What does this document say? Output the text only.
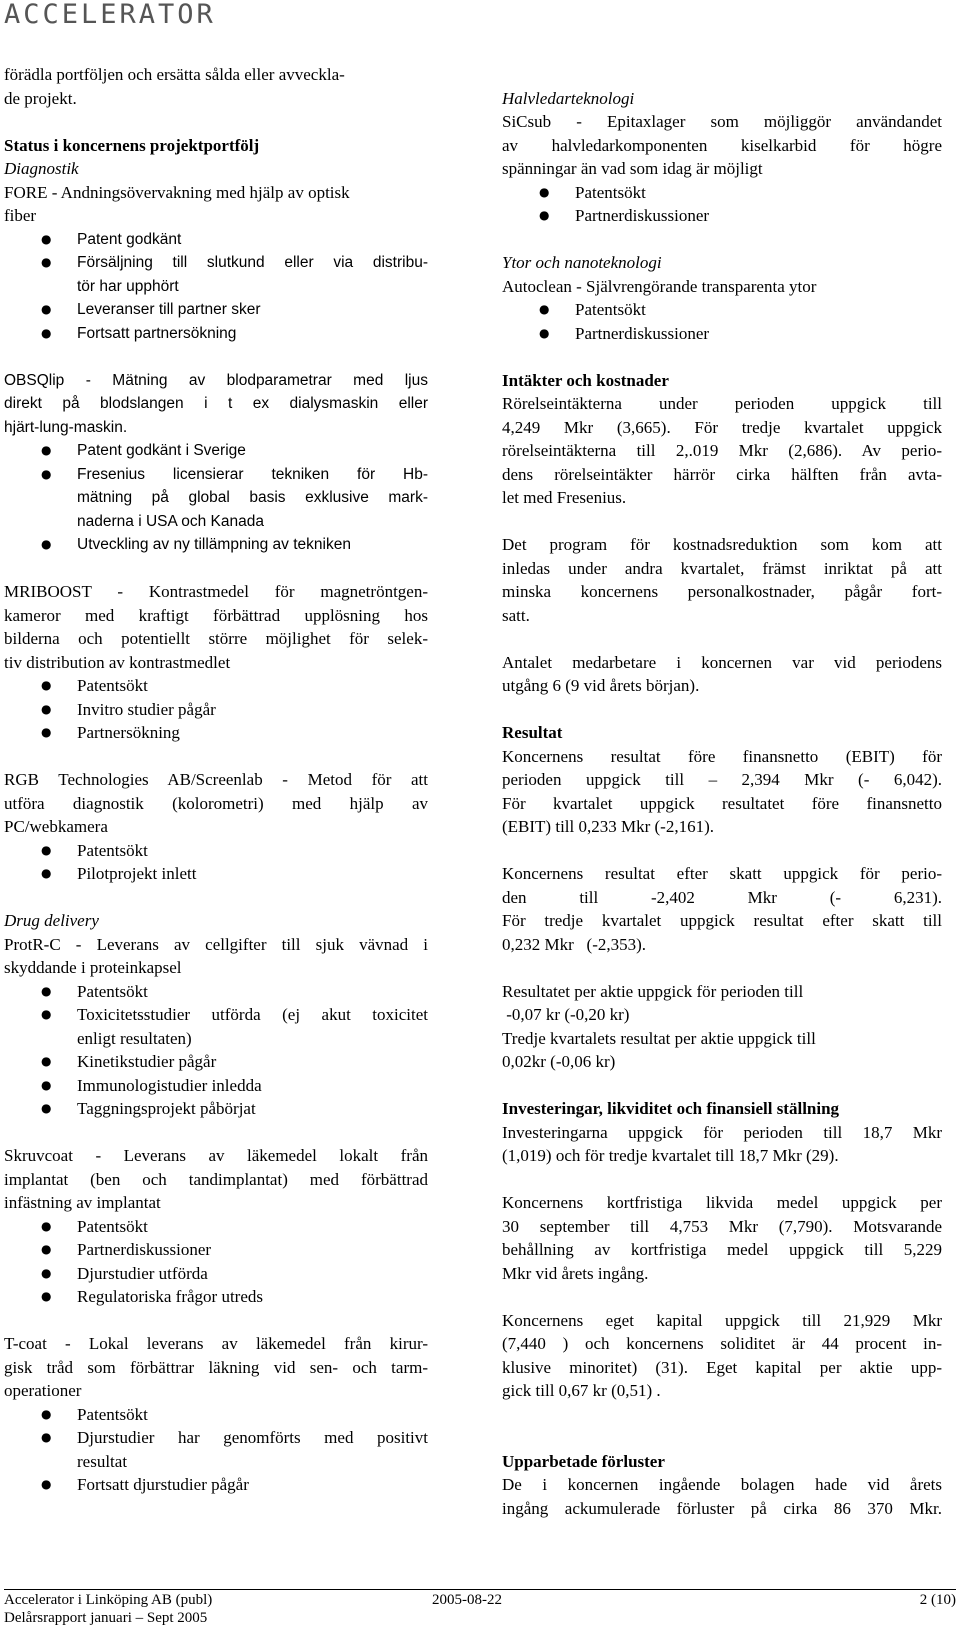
ACCELERATOR
förädla portföljen och ersätta sålda eller avveckla-
de projekt.

Status i koncernens projektportfölj

Diagnostik

FORE - Andningsövervakning med hjälp av optisk
fiber
● Patent godkänt
● Försäljning till slutkund eller via distribu-
tör har upphört
● Leveranser till partner sker
● Fortsatt partnersökning
OBSQlip - Mätning av blodparametrar med ljus
direkt på blodslangen i t ex dialysmaskin eller
hjärt-lung-maskin.
● Patent godkänt i Sverige
● Fresenius licensierar tekniken för Hb-
mätning på global basis exklusive mark-
naderna i USA och Kanada
● Utveckling av ny tillämpning av tekniken
MRIBOOST - Kontrastmedel för magnetröntgen-
kameror med kraftigt förbättrad upplösning hos
bilderna och potentiellt större möjlighet för selek-
tiv distribution av kontrastmedlet
● Patentsökt
● Invitro studier pågår
● Partnersökning
RGB Technologies AB/Screenlab - Metod för att
utföra diagnostik (kolorometri) med hjälp av
PC/webkamera
● Patentsökt
● Pilotprojekt inlett

Drug delivery

ProtR-C - Leverans av cellgifter till sjuk vävnad i
skyddande i proteinkapsel
● Patentsökt
● Toxicitetsstudier utförda (ej akut toxicitet
enligt resultaten)
● Kinetikstudier pågår
● Immunologistudier inledda
● Taggningsprojekt påbörjat
Skruvcoat - Leverans av läkemedel lokalt från
implantat (ben och tandimplantat) med förbättrad
infästning av implantat
● Patentsökt
● Partnerdiskussioner
● Djurstudier utförda
● Regulatoriska frågor utreds
T-coat - Lokal leverans av läkemedel från kirur-
gisk tråd som förbättrar läkning vid sen- och tarm-
operationer
● Patentsökt
● Djurstudier har genomförts med positivt
resultat
● Fortsatt djurstudier pågår

Halvledarteknologi

SiCsub - Epitaxlager som möjliggör användandet
av halvledarkomponenten kiselkarbid för högre
spänningar än vad som idag är möjligt
● Patentsökt
● Partnerdiskussioner

Ytor och nanoteknologi

Autoclean - Självrengörande transparenta ytor
● Patentsökt
● Partnerdiskussioner

Intäkter och kostnader

Rörelseintäkterna under perioden uppgick till
4,249 Mkr (3,665). För tredje kvartalet uppgick
rörelseintäkterna till 2,.019 Mkr (2,686). Av perio-
dens rörelseintäkter härrör cirka hälften från avta-
let med Fresenius.
Det program för kostnadsreduktion som kom att
inledas under andra kvartalet, främst inriktat på att
minska koncernens personalkostnader, pågår fort-
satt.
Antalet medarbetare i koncernen var vid periodens
utgång 6 (9 vid årets början).

Resultat

Koncernens resultat före finansnetto (EBIT) för
perioden uppgick till – 2,394 Mkr (- 6,042).
För kvartalet uppgick resultatet före finansnetto
(EBIT) till 0,233 Mkr (-2,161).
Koncernens resultat efter skatt uppgick för perio-
den till -2,402 Mkr (- 6,231).
För tredje kvartalet uppgick resultat efter skatt till
0,232 Mkr   (-2,353).
Resultatet per aktie uppgick för perioden till
-0,07 kr (-0,20 kr)
Tredje kvartalets resultat per aktie uppgick till
0,02kr (-0,06 kr)

Investeringar, likviditet och finansiell ställning

Investeringarna uppgick för perioden till 18,7 Mkr
(1,019) och för tredje kvartalet till 18,7 Mkr (29).
Koncernens kortfristiga likvida medel uppgick per
30 september till 4,753 Mkr (7,790). Motsvarande
behållning av kortfristiga medel uppgick till 5,229
Mkr vid årets ingång.
Koncernens eget kapital uppgick till 21,929 Mkr
(7,440 ) och koncernens soliditet är 44 procent in-
klusive minoritet) (31). Eget kapital per aktie upp-
gick till 0,67 kr (0,51) .

Upparbetade förluster

De i koncernen ingående bolagen hade vid årets
ingång ackumulerade förluster på cirka 86 370 Mkr.
Accelerator i Linköping AB (publ)	2005-08-22	2 (10)
Delårsrapport januari – Sept 2005
